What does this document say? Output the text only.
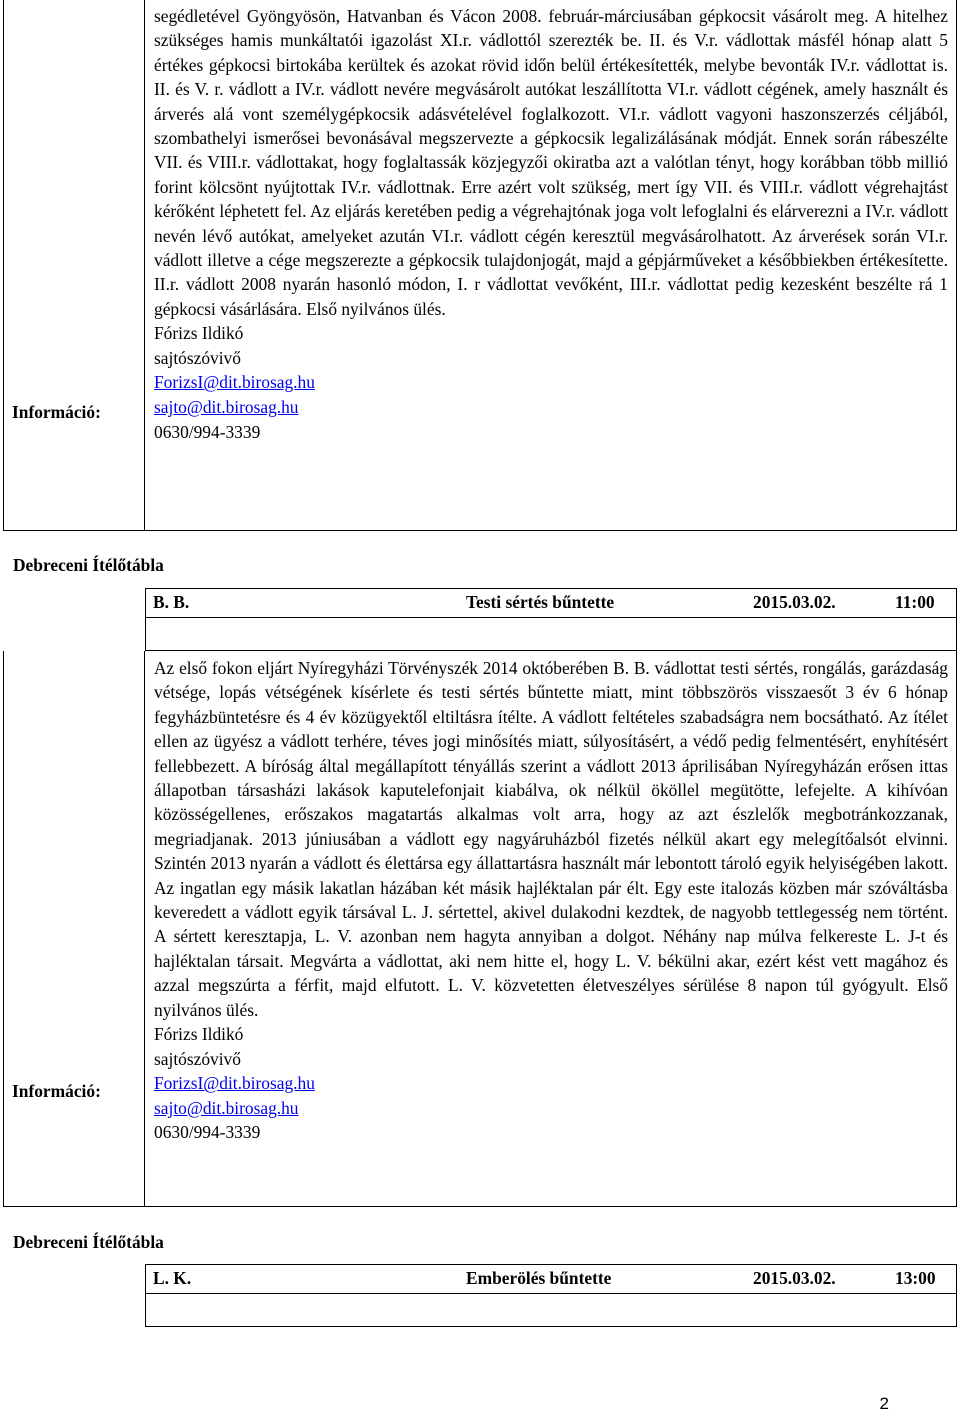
Információ:

segédletével Gyöngyösön, Hatvanban és Vácon 2008. február-márciusában gépkocsit vásárolt meg. A hitelhez szükséges hamis munkáltatói igazolást XI.r. vádlottól szerezték be. II. és V.r. vádlottak másfél hónap alatt 5 értékes gépkocsi birtokába kerültek és azokat rövid időn belül értékesítették, melybe bevonták IV.r. vádlottat is. II. és V. r. vádlott a IV.r. vádlott nevére megvásárolt autókat leszállította VI.r. vádlott cégének, amely használt és árverés alá vont személygépkocsik adásvételével foglalkozott. VI.r. vádlott vagyoni haszonszerzés céljából, szombathelyi ismerősei bevonásával megszervezte a gépkocsik legalizálásának módját. Ennek során rábeszélte VII. és VIII.r. vádlottakat, hogy foglaltassák közjegyzői okiratba azt a valótlan tényt, hogy korábban több millió forint kölcsönt nyújtottak IV.r. vádlottnak. Erre azért volt szükség, mert így VII. és VIII.r. vádlott végrehajtást kérőként léphetett fel. Az eljárás keretében pedig a végrehajtónak joga volt lefoglalni és elárverezni a IV.r. vádlott nevén lévő autókat, amelyeket azután VI.r. vádlott cégén keresztül megvásárolhatott. Az árverések során VI.r. vádlott illetve a cége megszerezte a gépkocsik tulajdonjogát, majd a gépjárműveket a későbbiekben értékesítette. II.r. vádlott 2008 nyarán hasonló módon, I. r vádlottat vevőként, III.r. vádlottat pedig kezesként beszélte rá 1 gépkocsi vásárlására. Első nyilvános ülés.

Fórizs Ildikó
sajtószóvivő
ForizsI@dit.birosag.hu
sajto@dit.birosag.hu
0630/994-3339
Debreceni Ítélőtábla
B. B.	Testi sértés bűntette	2015.03.02.	11:00
Információ:

Az első fokon eljárt Nyíregyházi Törvényszék 2014 októberében B. B. vádlottat testi sértés, rongálás, garázdaság vétsége, lopás vétségének kísérlete és testi sértés bűntette miatt, mint többszörös visszaesőt 3 év 6 hónap fegyházbüntetésre és 4 év közügyektől eltiltásra ítélte. A vádlott feltételes szabadságra nem bocsátható. Az ítélet ellen az ügyész a vádlott terhére, téves jogi minősítés miatt, súlyosításért, a védő pedig felmentésért, enyhítésért fellebbezett. A bíróság által megállapított tényállás szerint a vádlott 2013 áprilisában Nyíregyházán erősen ittas állapotban társasházi lakások kaputelefonjait kiabálva, ok nélkül ököllel megütötte, lefejelte. A kihívóan közösségellenes, erőszakos magatartás alkalmas volt arra, hogy az azt észlelők megbotránkozzanak, megriadjanak. 2013 júniusában a vádlott egy nagyáruházból fizetés nélkül akart egy melegítőalsót elvinni. Szintén 2013 nyarán a vádlott és élettársa egy állattartásra használt már lebontott tároló egyik helyiségében lakott. Az ingatlan egy másik lakatlan házában két másik hajléktalan pár élt. Egy este italozás közben már szóváltásba keveredett a vádlott egyik társával L. J. sértettel, akivel dulakodni kezdtek, de nagyobb tettlegesség nem történt. A sértett keresztapja, L. V. azonban nem hagyta annyiban a dolgot. Néhány nap múlva felkereste L. J-t és hajléktalan társait. Megvárta a vádlottat, aki nem hitte el, hogy L. V. békülni akar, ezért kést vett magához és azzal megszúrta a férfit, majd elfutott. L. V. közvetetten életveszélyes sérülése 8 napon túl gyógyult. Első nyilvános ülés.

Fórizs Ildikó
sajtószóvivő
ForizsI@dit.birosag.hu
sajto@dit.birosag.hu
0630/994-3339
Debreceni Ítélőtábla
L. K.	Emberölés bűntette	2015.03.02.	13:00
2
